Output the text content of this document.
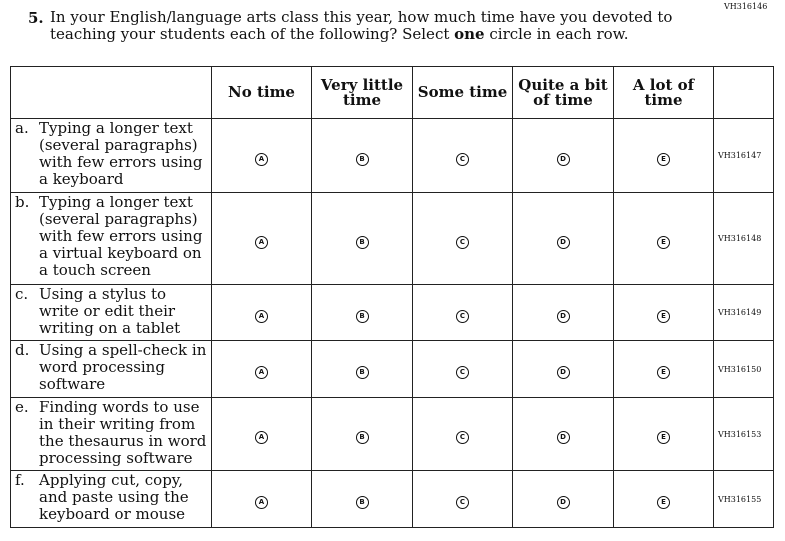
VH316146
5. In your English/language arts class this year, how much time have you devoted to teaching your students each of the following? Select one circle in each row.
	No time	Very little time	Some time	Quite a bit of time	A lot of time	

a. Typing a longer text (several paragraphs) with few errors using a keyboard	A	B	C	D	E	VH316147

b. Typing a longer text (several paragraphs) with few errors using a virtual keyboard on a touch screen	A	B	C	D	E	VH316148

c. Using a stylus to write or edit their writing on a tablet	A	B	C	D	E	VH316149

d. Using a spell-check in word processing software	A	B	C	D	E	VH316150

e. Finding words to use in their writing from the thesaurus in word processing software	A	B	C	D	E	VH316153

f. Applying cut, copy, and paste using the keyboard or mouse	A	B	C	D	E	VH316155
